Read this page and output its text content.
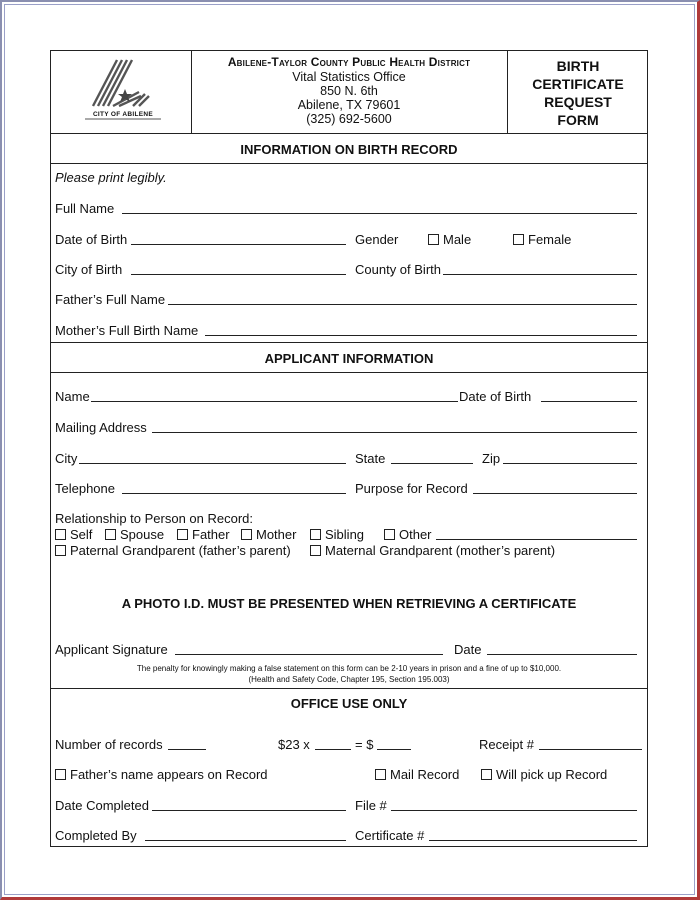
CITY OF ABILENE
Abilene-Taylor County Public Health District
Vital Statistics Office
850 N. 6th
Abilene, TX 79601
(325) 692-5600
BIRTH
CERTIFICATE
REQUEST
FORM
INFORMATION ON BIRTH RECORD
Please print legibly.
Full Name
Date of Birth	Gender	Male	Female
City of Birth	County of Birth
Father’s Full Name
Mother’s Full Birth Name
APPLICANT INFORMATION
Name	Date of Birth
Mailing Address
City	State	Zip
Telephone	Purpose for Record
Relationship to Person on Record:
Self	Spouse	Father	Mother	Sibling	Other
Paternal Grandparent (father’s parent)	Maternal Grandparent (mother’s parent)
A PHOTO I.D. MUST BE PRESENTED WHEN RETRIEVING A CERTIFICATE
Applicant Signature	Date
The penalty for knowingly making a false statement on this form can be 2-10 years in prison and a fine of up to $10,000.
(Health and Safety Code, Chapter 195, Section 195.003)
OFFICE USE ONLY
Number of records	$23 x	= $	Receipt #
Father’s name appears on Record	Mail Record	Will pick up Record
Date Completed	File #
Completed By	Certificate #
